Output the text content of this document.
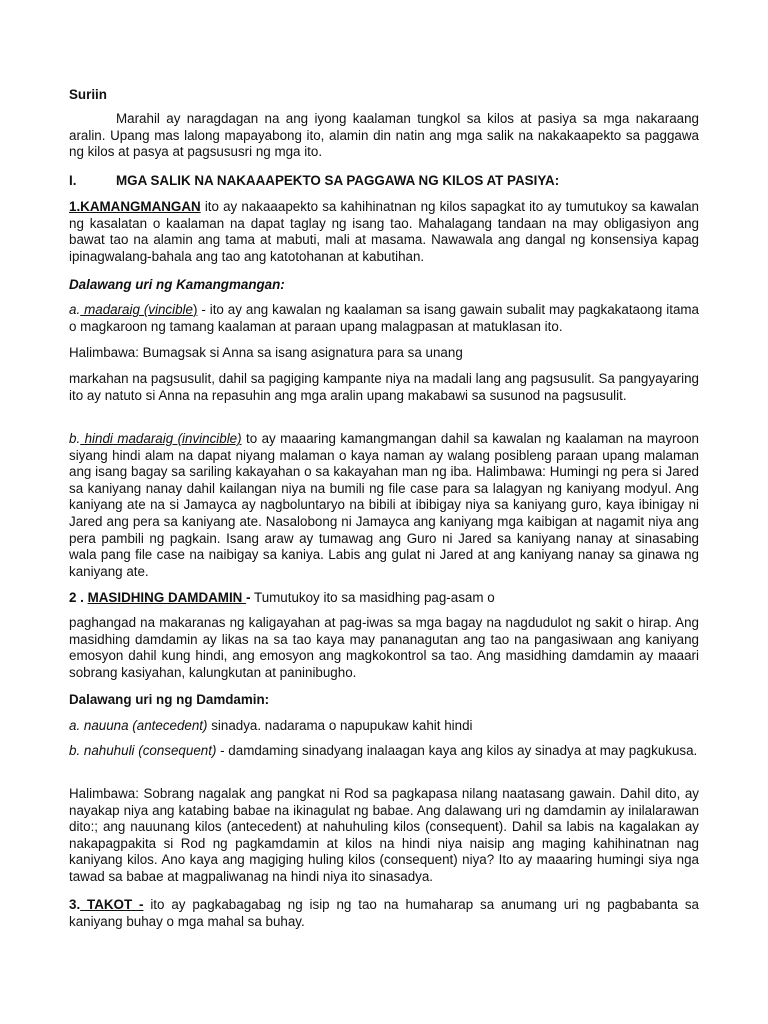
Suriin

Marahil ay naragdagan na ang iyong kaalaman tungkol sa kilos at pasiya sa mga nakaraang aralin. Upang mas lalong mapayabong ito, alamin din natin ang mga salik na nakakaapekto sa paggawa ng kilos at pasya at pagsususri ng mga ito.

I.	MGA SALIK NA NAKAAAPEKTO SA PAGGAWA NG KILOS AT PASIYA:

1.KAMANGMANGAN ito ay nakaaapekto sa kahihinatnan ng kilos sapagkat ito ay tumutukoy sa kawalan ng kasalatan o kaalaman na dapat taglay ng isang tao. Mahalagang tandaan na may obligasiyon ang bawat tao na alamin ang tama at mabuti, mali at masama. Nawawala ang dangal ng konsensiya kapag ipinagwalang-bahala ang tao ang katotohanan at kabutihan.

Dalawang uri ng Kamangmangan:

a. madaraig (vincible) - ito ay ang kawalan ng kaalaman sa isang gawain subalit may pagkakataong itama o magkaroon ng tamang kaalaman at paraan upang malagpasan at matuklasan ito.

Halimbawa: Bumagsak si Anna sa isang asignatura para sa unang

markahan na pagsusulit, dahil sa pagiging kampante niya na madali lang ang pagsusulit. Sa pangyayaring ito ay natuto si Anna na repasuhin ang mga aralin upang makabawi sa susunod na pagsusulit.

b. hindi madaraig (invincible) to ay maaaring kamangmangan dahil sa kawalan ng kaalaman na mayroon siyang hindi alam na dapat niyang malaman o kaya naman ay walang posibleng paraan upang malaman ang isang bagay sa sariling kakayahan o sa kakayahan man ng iba. Halimbawa: Humingi ng pera si Jared sa kaniyang nanay dahil kailangan niya na bumili ng file case para sa lalagyan ng kaniyang modyul. Ang kaniyang ate na si Jamayca ay nagboluntaryo na bibili at ibibigay niya sa kaniyang guro, kaya ibinigay ni Jared ang pera sa kaniyang ate. Nasalobong ni Jamayca ang kaniyang mga kaibigan at nagamit niya ang pera pambili ng pagkain. Isang araw ay tumawag ang Guro ni Jared sa kaniyang nanay at sinasabing wala pang file case na naibigay sa kaniya. Labis ang gulat ni Jared at ang kaniyang nanay sa ginawa ng kaniyang ate.

2 . MASIDHING DAMDAMIN - Tumutukoy ito sa masidhing pag-asam o

paghangad na makaranas ng kaligayahan at pag-iwas sa mga bagay na nagdudulot ng sakit o hirap. Ang masidhing damdamin ay likas na sa tao kaya may pananagutan ang tao na pangasiwaan ang kaniyang emosyon dahil kung hindi, ang emosyon ang magkokontrol sa tao. Ang masidhing damdamin ay maaari sobrang kasiyahan, kalungkutan at paninibugho.

Dalawang uri ng ng Damdamin:

a. nauuna (antecedent) sinadya. nadarama o napupukaw kahit hindi

b. nahuhuli (consequent) - damdaming sinadyang inalaagan kaya ang kilos ay sinadya at may pagkukusa.

Halimbawa: Sobrang nagalak ang pangkat ni Rod sa pagkapasa nilang naatasang gawain. Dahil dito, ay nayakap niya ang katabing babae na ikinagulat ng babae. Ang dalawang uri ng damdamin ay inilalarawan dito:; ang nauunang kilos (antecedent) at nahuhuling kilos (consequent). Dahil sa labis na kagalakan ay nakapagpakita si Rod ng pagkamdamin at kilos na hindi niya naisip ang maging kahihinatnan nag kaniyang kilos. Ano kaya ang magiging huling kilos (consequent) niya? Ito ay maaaring humingi siya nga tawad sa babae at magpaliwanag na hindi niya ito sinasadya.

3. TAKOT - ito ay pagkabagabag ng isip ng tao na humaharap sa anumang uri ng pagbabanta sa kaniyang buhay o mga mahal sa buhay.
